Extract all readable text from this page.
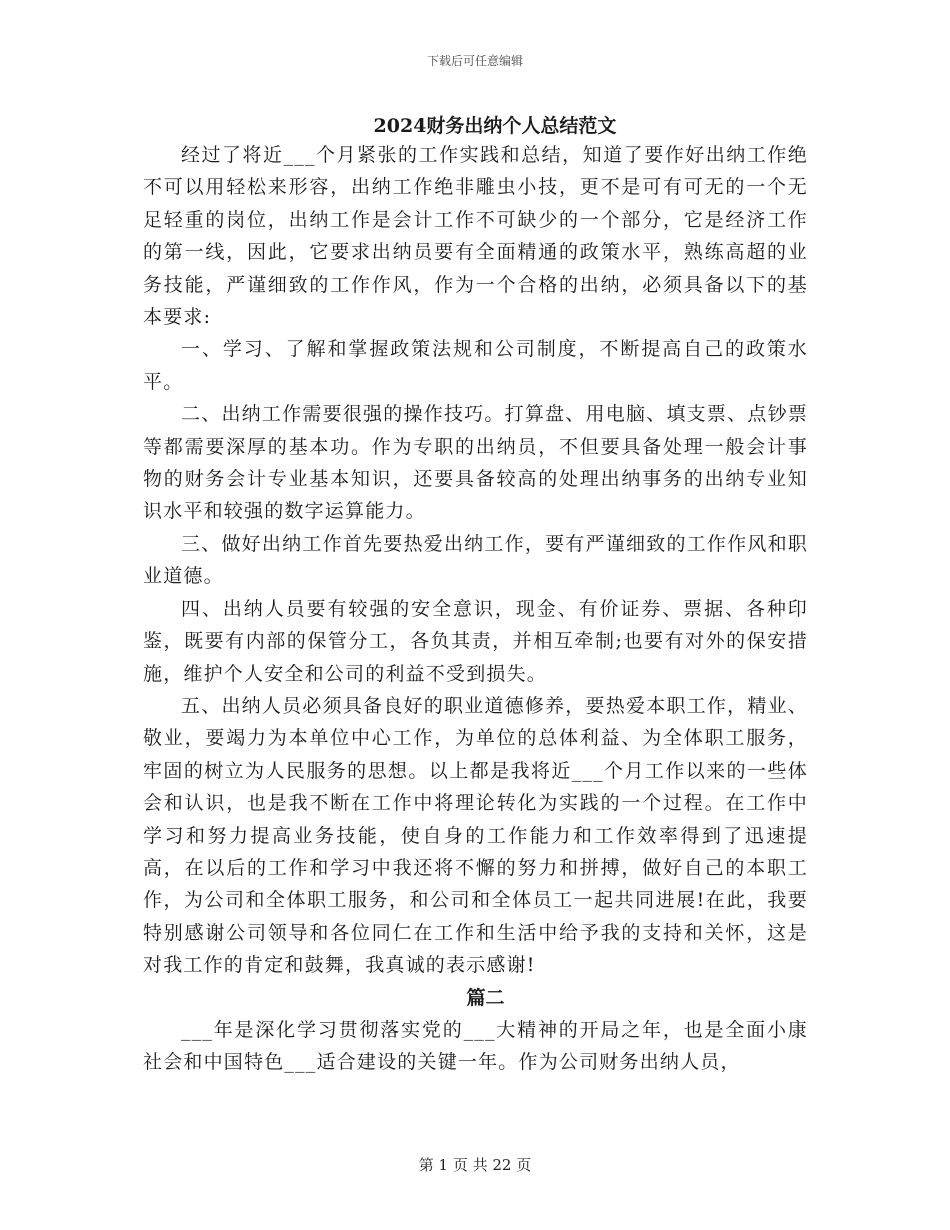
下载后可任意编辑
2024财务出纳个人总结范文

经过了将近___个月紧张的工作实践和总结，知道了要作好出纳工作绝不可以用轻松来形容，出纳工作绝非雕虫小技，更不是可有可无的一个无足轻重的岗位，出纳工作是会计工作不可缺少的一个部分，它是经济工作的第一线，因此，它要求出纳员要有全面精通的政策水平，熟练高超的业务技能，严谨细致的工作作风，作为一个合格的出纳，必须具备以下的基本要求:

一、学习、了解和掌握政策法规和公司制度，不断提高自己的政策水平。

二、出纳工作需要很强的操作技巧。打算盘、用电脑、填支票、点钞票等都需要深厚的基本功。作为专职的出纳员，不但要具备处理一般会计事物的财务会计专业基本知识，还要具备较高的处理出纳事务的出纳专业知识水平和较强的数字运算能力。

三、做好出纳工作首先要热爱出纳工作，要有严谨细致的工作作风和职业道德。

四、出纳人员要有较强的安全意识，现金、有价证券、票据、各种印鉴，既要有内部的保管分工，各负其责，并相互牵制;也要有对外的保安措施，维护个人安全和公司的利益不受到损失。

五、出纳人员必须具备良好的职业道德修养，要热爱本职工作，精业、敬业，要竭力为本单位中心工作，为单位的总体利益、为全体职工服务，牢固的树立为人民服务的思想。以上都是我将近___个月工作以来的一些体会和认识，也是我不断在工作中将理论转化为实践的一个过程。在工作中学习和努力提高业务技能，使自身的工作能力和工作效率得到了迅速提高，在以后的工作和学习中我还将不懈的努力和拼搏，做好自己的本职工作，为公司和全体职工服务，和公司和全体员工一起共同进展!在此，我要特别感谢公司领导和各位同仁在工作和生活中给予我的支持和关怀，这是对我工作的肯定和鼓舞，我真诚的表示感谢!

篇二

___年是深化学习贯彻落实党的___大精神的开局之年，也是全面小康社会和中国特色___适合建设的关键一年。作为公司财务出纳人员，

第 1 页 共 22 页
